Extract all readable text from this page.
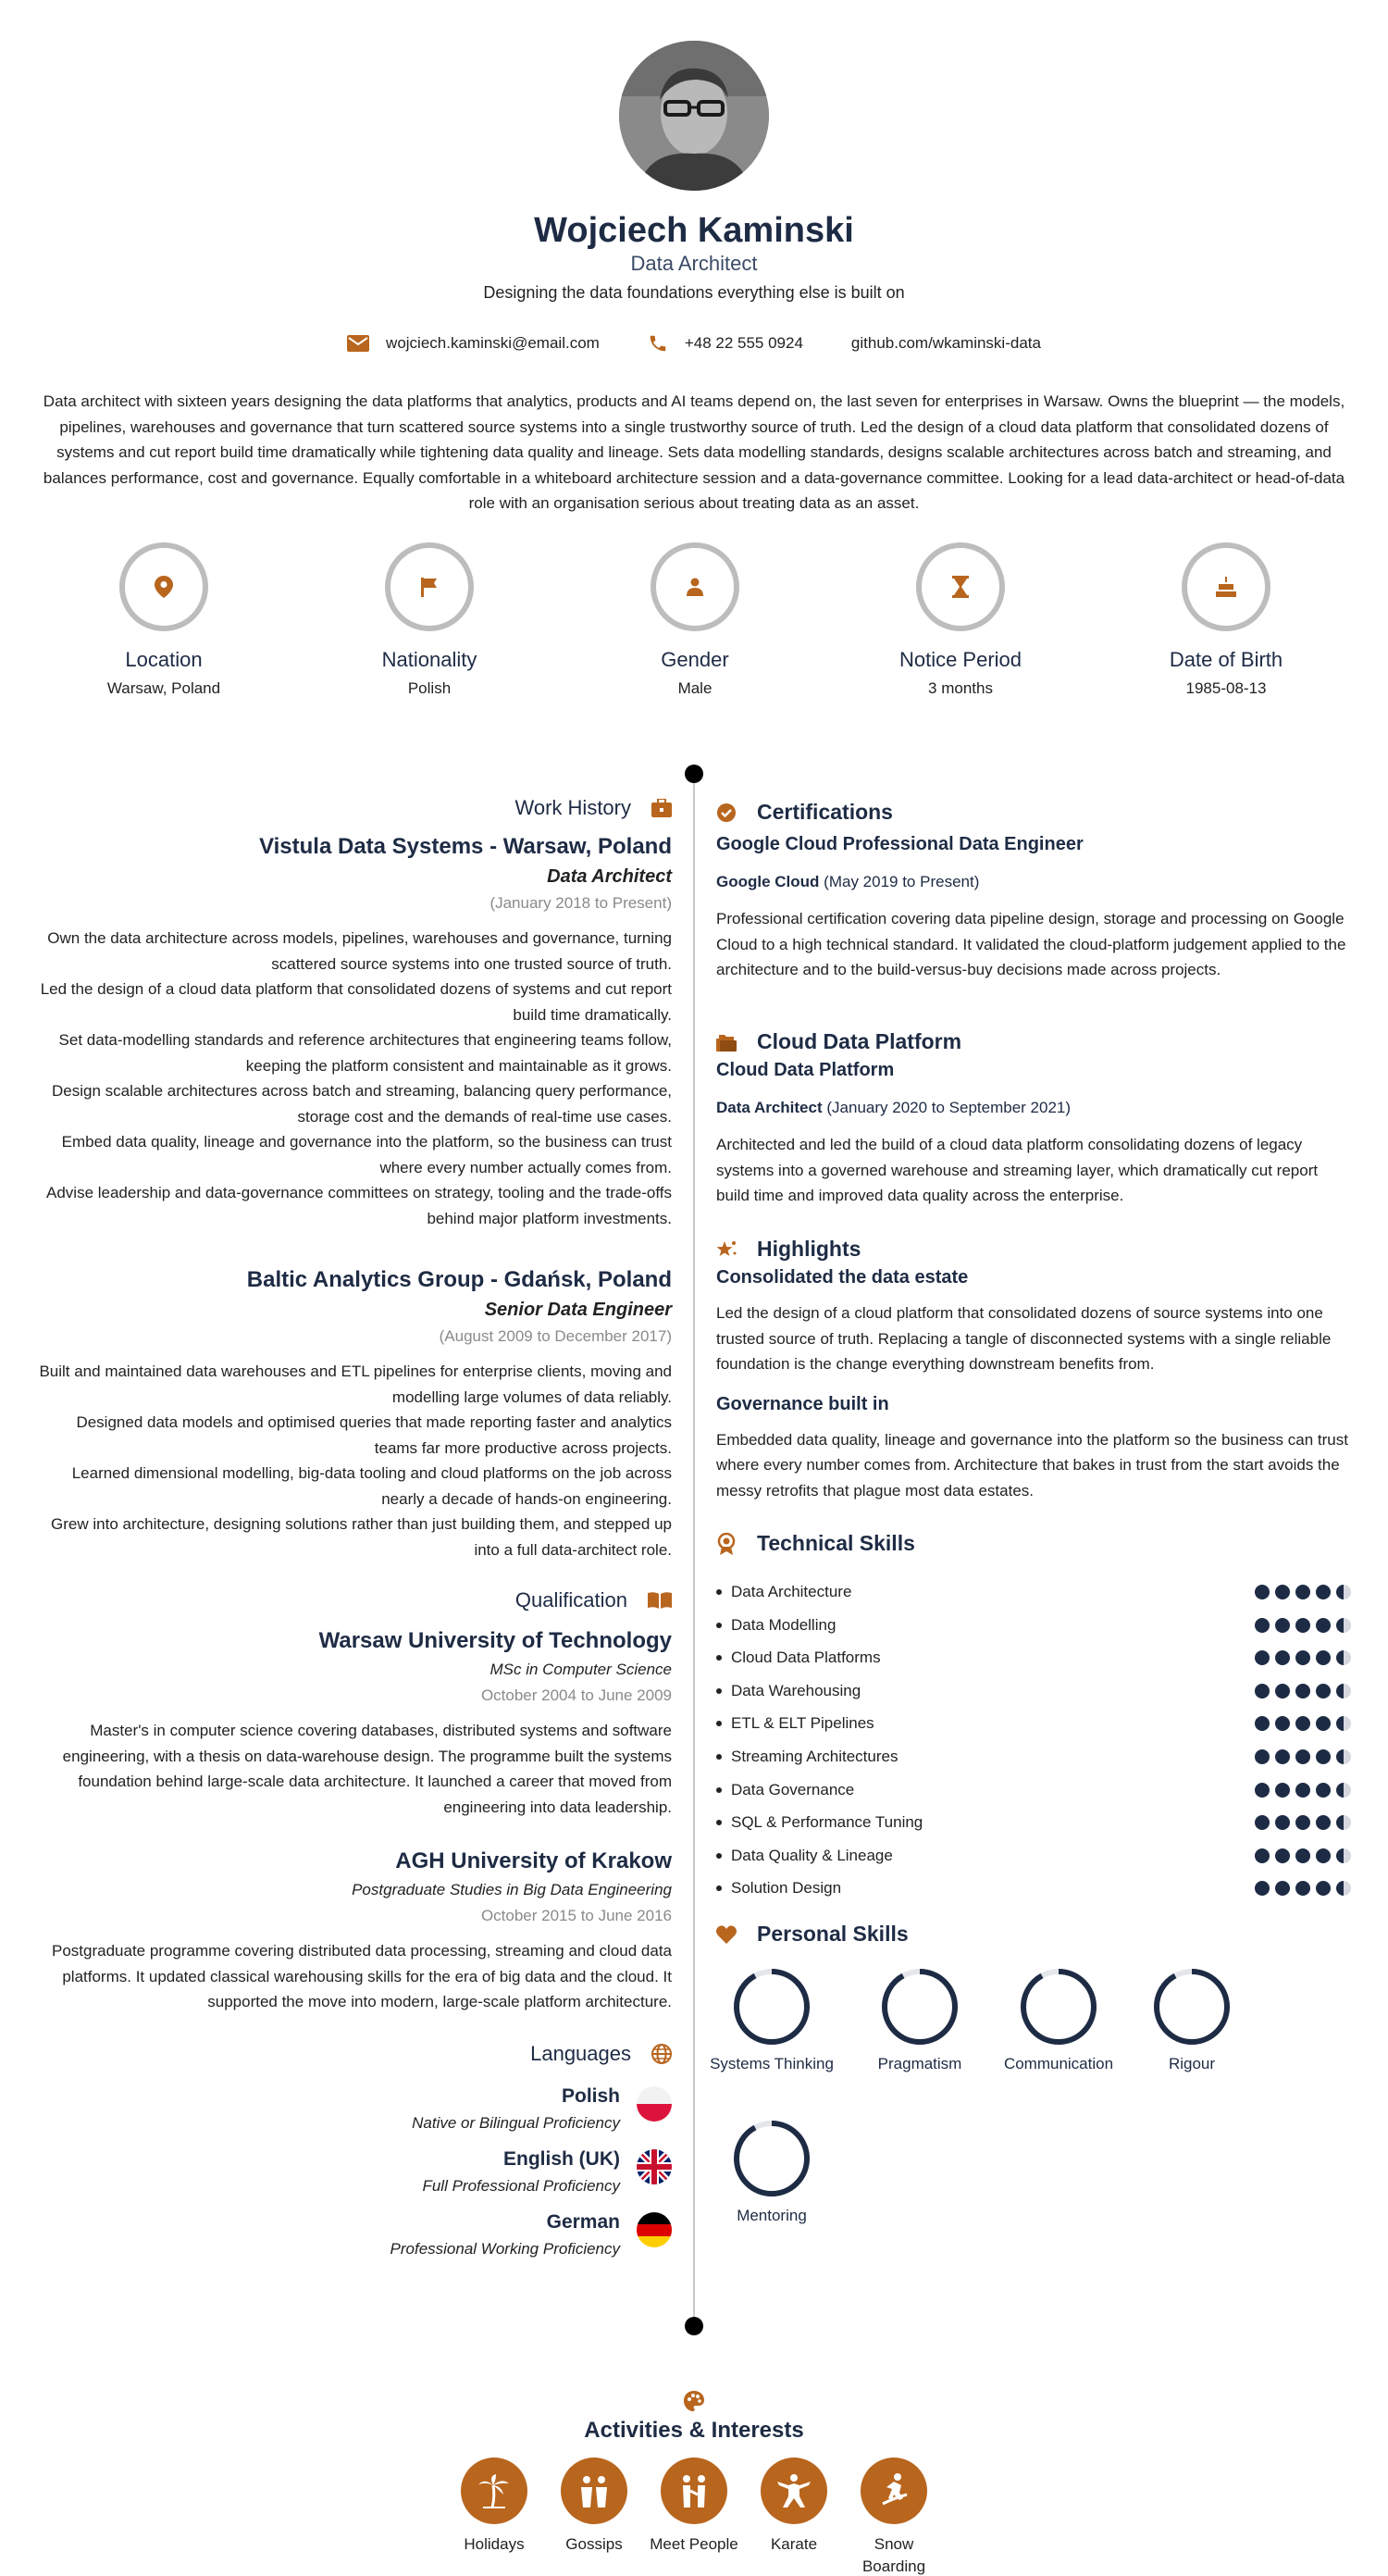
Wojciech Kaminski
Data Architect
Designing the data foundations everything else is built on
wojciech.kaminski@email.com	+48 22 555 0924	github.com/wkaminski-data

Data architect with sixteen years designing the data platforms that analytics, products and AI teams depend on, the last seven for enterprises in Warsaw. Owns the blueprint — the models, pipelines, warehouses and governance that turn scattered source systems into a single trustworthy source of truth. Led the design of a cloud data platform that consolidated dozens of systems and cut report build time dramatically while tightening data quality and lineage. Sets data modelling standards, designs scalable architectures across batch and streaming, and balances performance, cost and governance. Equally comfortable in a whiteboard architecture session and a data-governance committee. Looking for a lead data-architect or head-of-data role with an organisation serious about treating data as an asset.

Location
Warsaw, Poland
Nationality
Polish
Gender
Male
Notice Period
3 months
Date of Birth
1985-08-13
Work History
Vistula Data Systems - Warsaw, Poland
Data Architect
(January 2018 to Present)
Own the data architecture across models, pipelines, warehouses and governance, turning scattered source systems into one trusted source of truth.
Led the design of a cloud data platform that consolidated dozens of systems and cut report build time dramatically.
Set data-modelling standards and reference architectures that engineering teams follow, keeping the platform consistent and maintainable as it grows.
Design scalable architectures across batch and streaming, balancing query performance, storage cost and the demands of real-time use cases.
Embed data quality, lineage and governance into the platform, so the business can trust where every number actually comes from.
Advise leadership and data-governance committees on strategy, tooling and the trade-offs behind major platform investments.
Baltic Analytics Group - Gdańsk, Poland
Senior Data Engineer
(August 2009 to December 2017)
Built and maintained data warehouses and ETL pipelines for enterprise clients, moving and modelling large volumes of data reliably.
Designed data models and optimised queries that made reporting faster and analytics teams far more productive across projects.
Learned dimensional modelling, big-data tooling and cloud platforms on the job across nearly a decade of hands-on engineering.
Grew into architecture, designing solutions rather than just building them, and stepped up into a full data-architect role.
Qualification
Warsaw University of Technology
MSc in Computer Science
October 2004 to June 2009
Master's in computer science covering databases, distributed systems and software engineering, with a thesis on data-warehouse design. The programme built the systems foundation behind large-scale data architecture. It launched a career that moved from engineering into data leadership.
AGH University of Krakow
Postgraduate Studies in Big Data Engineering
October 2015 to June 2016
Postgraduate programme covering distributed data processing, streaming and cloud data platforms. It updated classical warehousing skills for the era of big data and the cloud. It supported the move into modern, large-scale platform architecture.
Languages
Polish
Native or Bilingual Proficiency
English (UK)
Full Professional Proficiency
German
Professional Working Proficiency
Certifications
Google Cloud Professional Data Engineer
Google Cloud (May 2019 to Present)
Professional certification covering data pipeline design, storage and processing on Google Cloud to a high technical standard. It validated the cloud-platform judgement applied to the architecture and to the build-versus-buy decisions made across projects.
Cloud Data Platform
Cloud Data Platform
Data Architect (January 2020 to September 2021)
Architected and led the build of a cloud data platform consolidating dozens of legacy systems into a governed warehouse and streaming layer, which dramatically cut report build time and improved data quality across the enterprise.
Highlights
Consolidated the data estate
Led the design of a cloud platform that consolidated dozens of source systems into one trusted source of truth. Replacing a tangle of disconnected systems with a single reliable foundation is the change everything downstream benefits from.
Governance built in
Embedded data quality, lineage and governance into the platform so the business can trust where every number comes from. Architecture that bakes in trust from the start avoids the messy retrofits that plague most data estates.
Technical Skills
Data Architecture
Data Modelling
Cloud Data Platforms
Data Warehousing
ETL & ELT Pipelines
Streaming Architectures
Data Governance
SQL & Performance Tuning
Data Quality & Lineage
Solution Design
Personal Skills
Systems Thinking	Pragmatism	Communication	Rigour
Mentoring
Activities & Interests
Holidays	Gossips	Meet People	Karate	Snow Boarding
